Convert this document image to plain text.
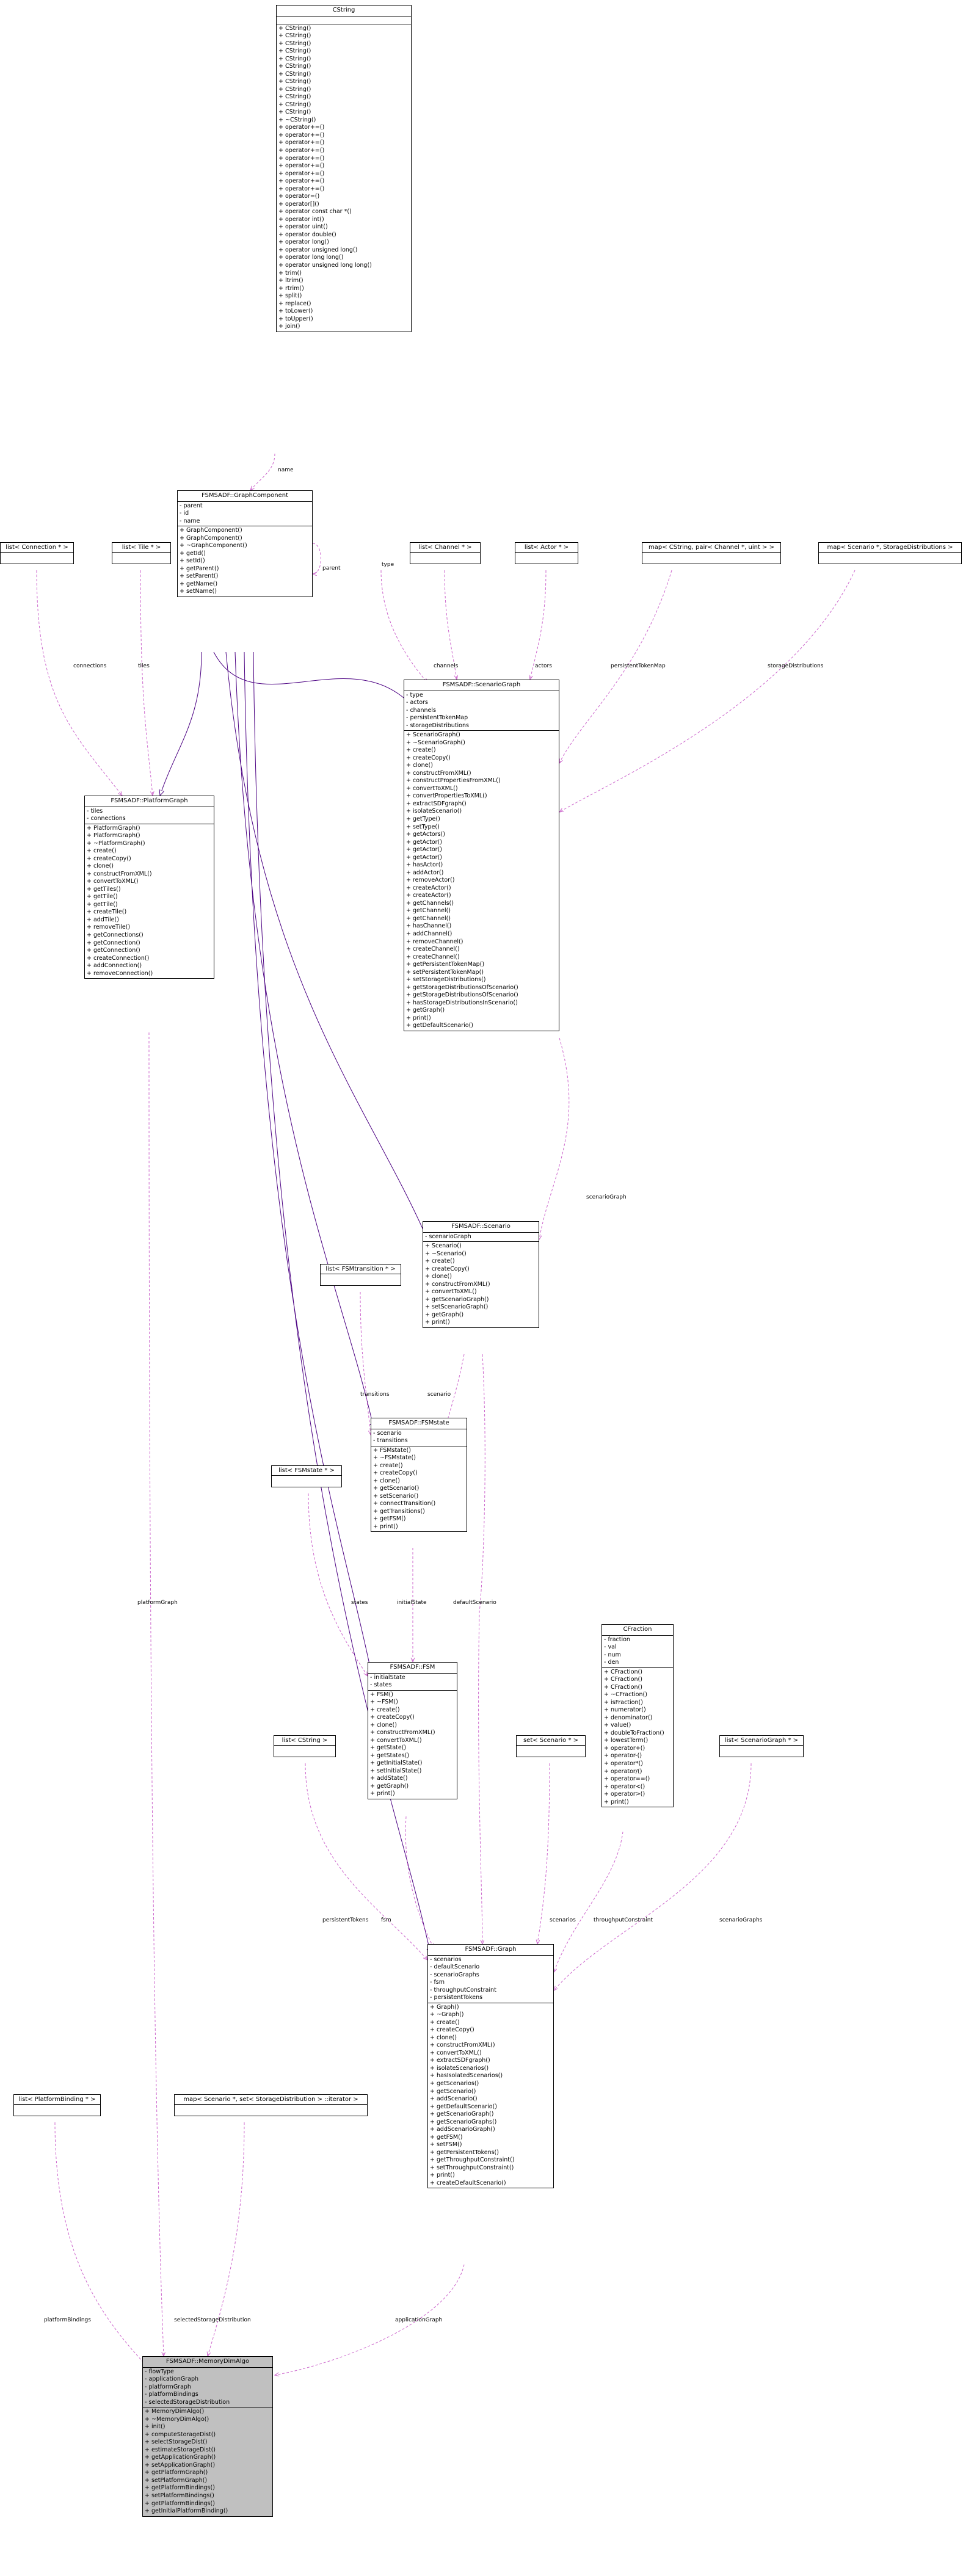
CString
+ CString()
+ CString()
+ CString()
+ CString()
+ CString()
+ CString()
+ CString()
+ CString()
+ CString()
+ CString()
+ CString()
+ CString()
+ ~CString()
+ operator+=()
+ operator+=()
+ operator+=()
+ operator+=()
+ operator+=()
+ operator+=()
+ operator+=()
+ operator+=()
+ operator+=()
+ operator=()
+ operator[]()
+ operator const char *()
+ operator int()
+ operator uint()
+ operator double()
+ operator long()
+ operator unsigned long()
+ operator long long()
+ operator unsigned long long()
+ trim()
+ ltrim()
+ rtrim()
+ split()
+ replace()
+ toLower()
+ toUpper()
+ join()
FSMSADF::GraphComponent
- parent
- id
- name
+ GraphComponent()
+ GraphComponent()
+ ~GraphComponent()
+ getId()
+ setId()
+ getParent()
+ setParent()
+ getName()
+ setName()
FSMSADF::PlatformGraph
- tiles
- connections
+ PlatformGraph()
+ PlatformGraph()
+ ~PlatformGraph()
+ create()
+ createCopy()
+ clone()
+ constructFromXML()
+ convertToXML()
+ getTiles()
+ getTile()
+ getTile()
+ createTile()
+ addTile()
+ removeTile()
+ getConnections()
+ getConnection()
+ getConnection()
+ createConnection()
+ addConnection()
+ removeConnection()
FSMSADF::ScenarioGraph
- type
- actors
- channels
- persistentTokenMap
- storageDistributions
+ ScenarioGraph()
+ ~ScenarioGraph()
+ create()
+ createCopy()
+ clone()
+ constructFromXML()
+ constructPropertiesFromXML()
+ convertToXML()
+ convertPropertiesToXML()
+ extractSDFgraph()
+ isolateScenario()
+ getType()
+ setType()
+ getActors()
+ getActor()
+ getActor()
+ getActor()
+ hasActor()
+ addActor()
+ removeActor()
+ createActor()
+ createActor()
+ getChannels()
+ getChannel()
+ getChannel()
+ hasChannel()
+ addChannel()
+ removeChannel()
+ createChannel()
+ createChannel()
+ getPersistentTokenMap()
+ setPersistentTokenMap()
+ setStorageDistributions()
+ getStorageDistributionsOfScenario()
+ getStorageDistributionsOfScenario()
+ hasStorageDistributionsInScenario()
+ getGraph()
+ print()
+ getDefaultScenario()
FSMSADF::Scenario
- scenarioGraph
+ Scenario()
+ ~Scenario()
+ create()
+ createCopy()
+ clone()
+ constructFromXML()
+ convertToXML()
+ getScenarioGraph()
+ setScenarioGraph()
+ getGraph()
+ print()
FSMSADF::FSMstate
- scenario
- transitions
+ FSMstate()
+ ~FSMstate()
+ create()
+ createCopy()
+ clone()
+ getScenario()
+ setScenario()
+ connectTransition()
+ getTransitions()
+ getFSM()
+ print()
FSMSADF::FSM
- initialState
- states
+ FSM()
+ ~FSM()
+ create()
+ createCopy()
+ clone()
+ constructFromXML()
+ convertToXML()
+ getState()
+ getStates()
+ getInitialState()
+ setInitialState()
+ addState()
+ getGraph()
+ print()
CFraction
- fraction
- val
- num
- den
+ CFraction()
+ CFraction()
+ CFraction()
+ ~CFraction()
+ isFraction()
+ numerator()
+ denominator()
+ value()
+ doubleToFraction()
+ lowestTerm()
+ operator+()
+ operator-()
+ operator*()
+ operator/()
+ operator==()
+ operator<()
+ operator>()
+ print()
FSMSADF::Graph
- scenarios
- defaultScenario
- scenarioGraphs
- fsm
- throughputConstraint
- persistentTokens
+ Graph()
+ ~Graph()
+ create()
+ createCopy()
+ clone()
+ constructFromXML()
+ convertToXML()
+ extractSDFgraph()
+ isolateScenarios()
+ hasIsolatedScenarios()
+ getScenarios()
+ getScenario()
+ addScenario()
+ getDefaultScenario()
+ getScenarioGraph()
+ getScenarioGraphs()
+ addScenarioGraph()
+ getFSM()
+ setFSM()
+ getPersistentTokens()
+ getThroughputConstraint()
+ setThroughputConstraint()
+ print()
+ createDefaultScenario()
FSMSADF::MemoryDimAlgo
- flowType
- applicationGraph
- platformGraph
- platformBindings
- selectedStorageDistribution
+ MemoryDimAlgo()
+ ~MemoryDimAlgo()
+ init()
+ computeStorageDist()
+ selectStorageDist()
+ estimateStorageDist()
+ getApplicationGraph()
+ setApplicationGraph()
+ getPlatformGraph()
+ setPlatformGraph()
+ getPlatformBindings()
+ setPlatformBindings()
+ getPlatformBindings()
+ getInitialPlatformBinding()
list< Connection * >	list< Tile * >	list< Channel * >	list< Actor * >	map< CString, pair< Channel *, uint > >	map< Scenario *, StorageDistributions >
list< FSMtransition * >
list< FSMstate * >
list< CString >	set< Scenario * >	list< ScenarioGraph * >
list< PlatformBinding * >	map< Scenario *, set< StorageDistribution > ::iterator >
name
parent
type
connections	tiles	channels	actors	persistentTokenMap	storageDistributions
scenarioGraph
transitions	scenario
platformGraph	states	initialState	defaultScenario
persistentTokens fsm	scenarios	throughputConstraint	scenarioGraphs
platformBindings	selectedStorageDistribution	applicationGraph
